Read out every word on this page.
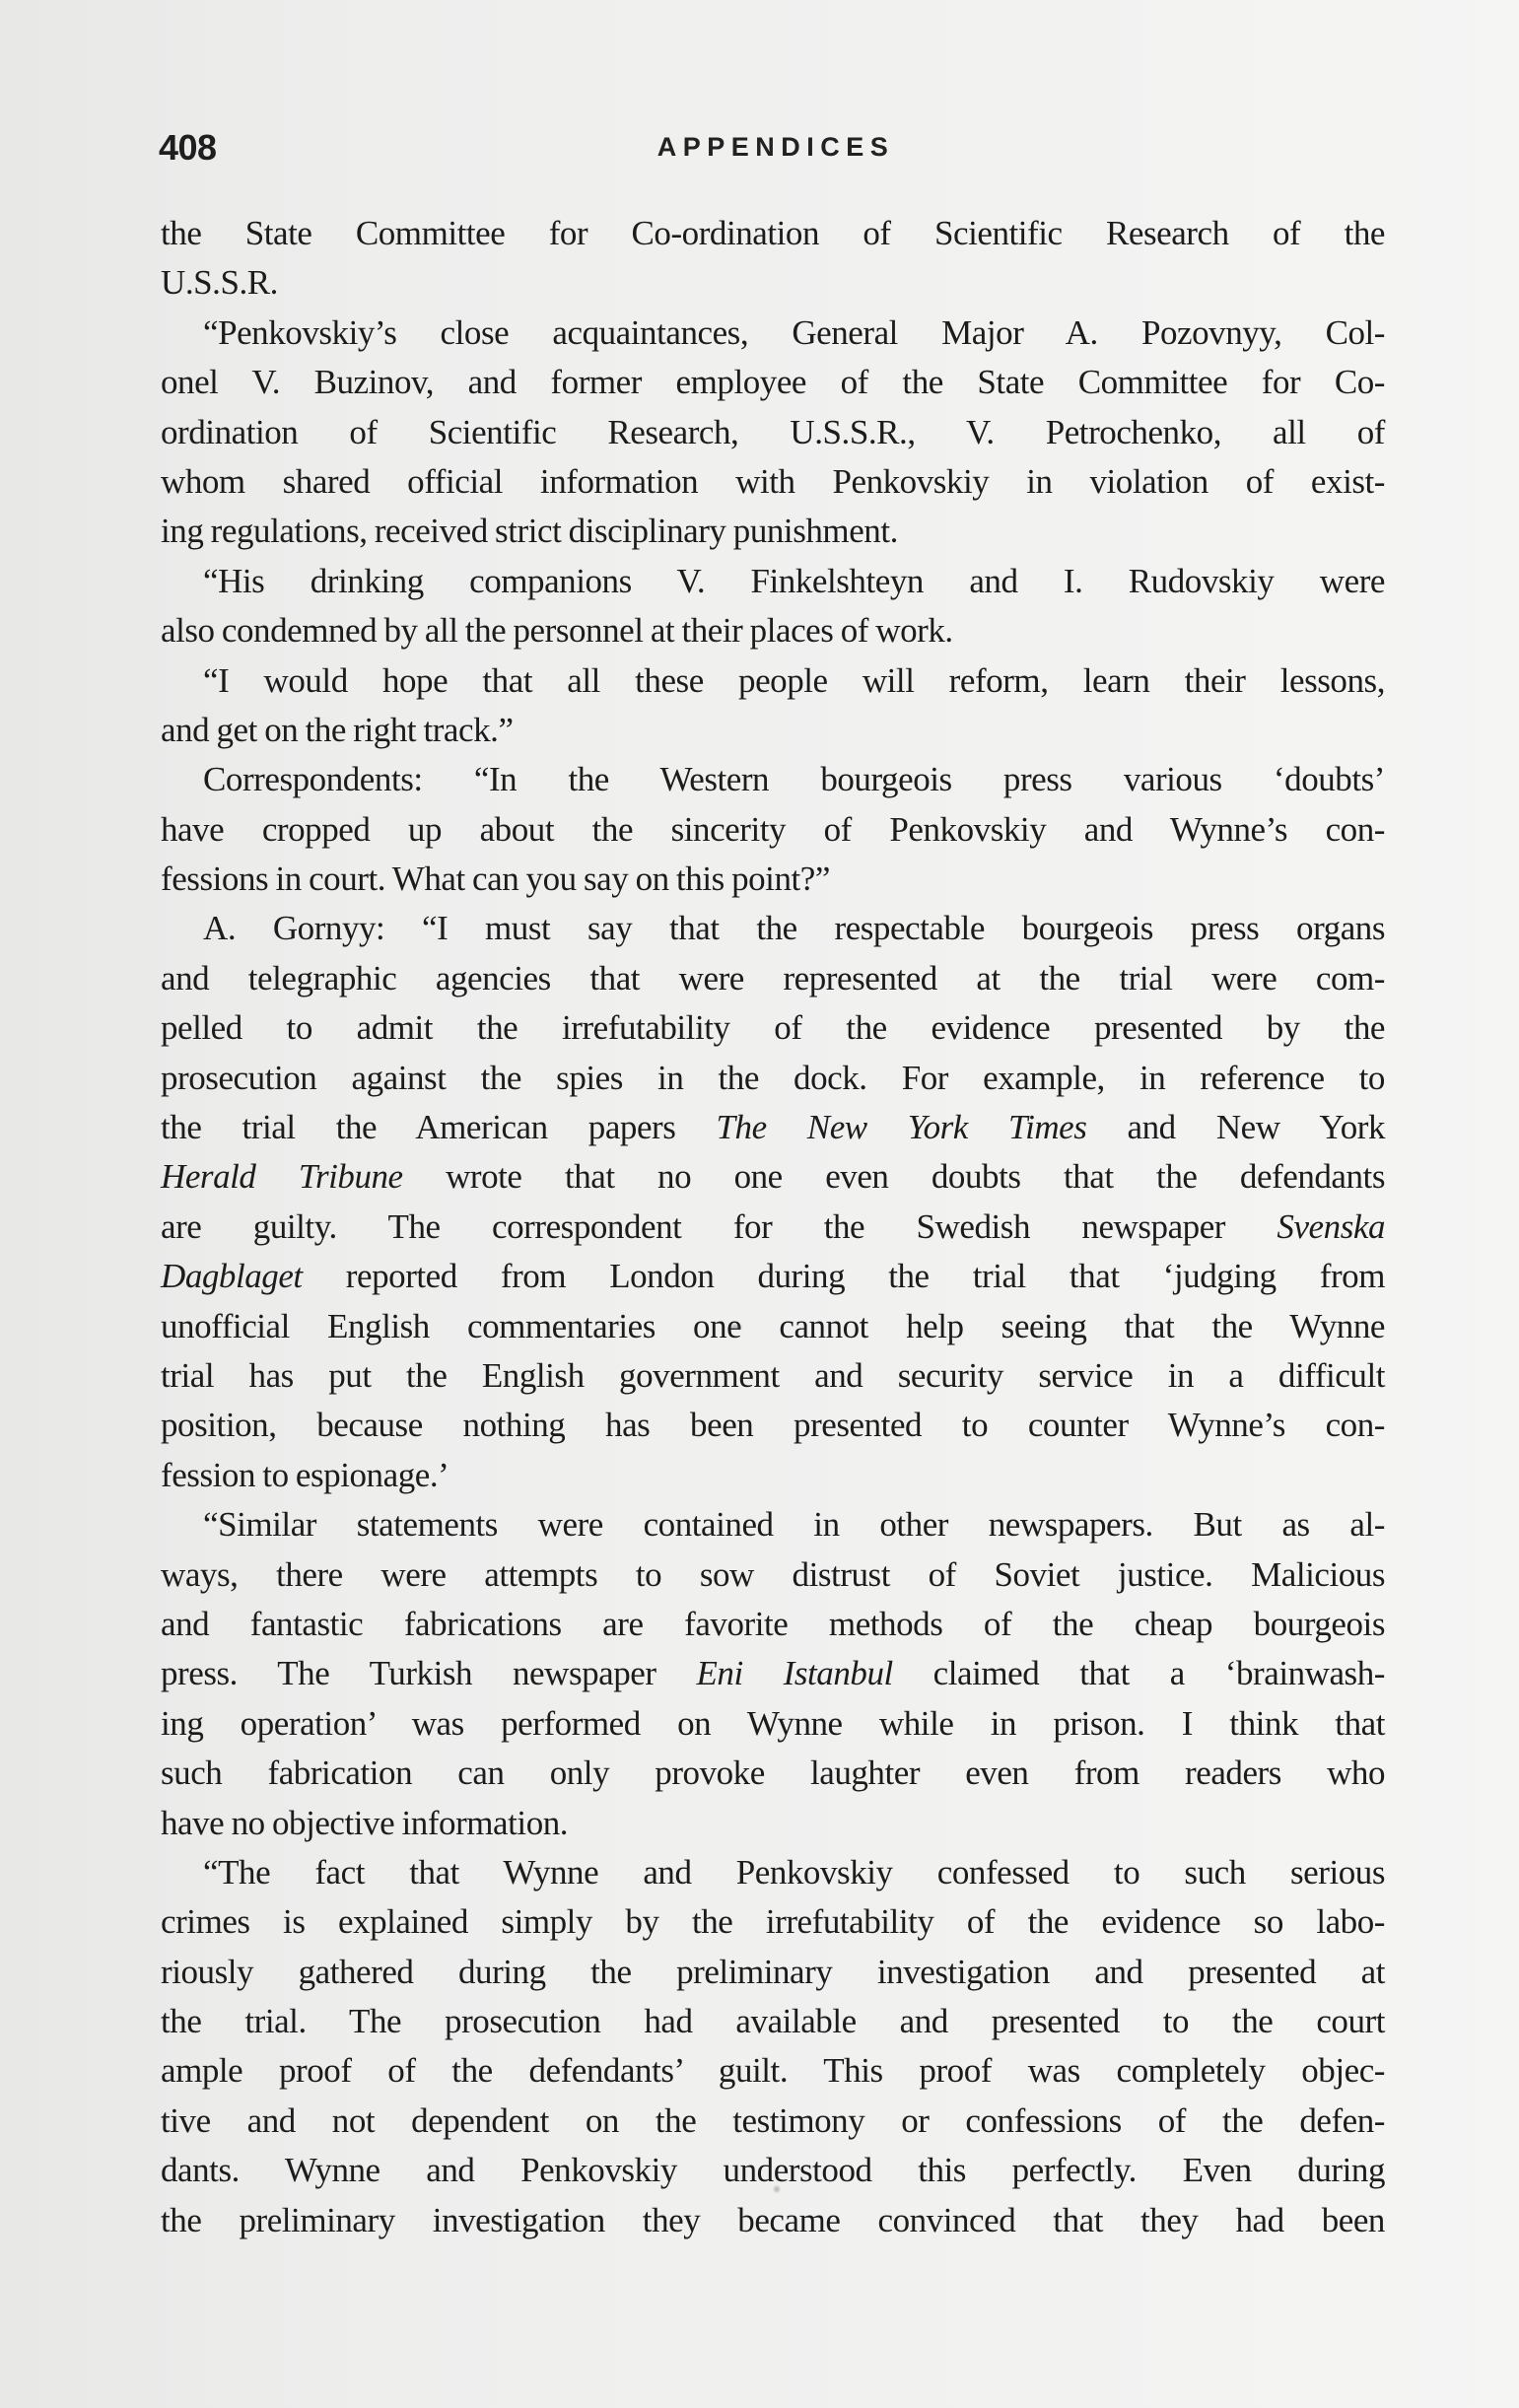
408	APPENDICES
the State Committee for Co-ordination of Scientific Research of the
U.S.S.R.
“Penkovskiy’s close acquaintances, General Major A. Pozovnyy, Col-
onel V. Buzinov, and former employee of the State Committee for Co-
ordination of Scientific Research, U.S.S.R., V. Petrochenko, all of
whom shared official information with Penkovskiy in violation of exist-
ing regulations, received strict disciplinary punishment.
“His drinking companions V. Finkelshteyn and I. Rudovskiy were
also condemned by all the personnel at their places of work.
“I would hope that all these people will reform, learn their lessons,
and get on the right track.”
Correspondents: “In the Western bourgeois press various ‘doubts’
have cropped up about the sincerity of Penkovskiy and Wynne’s con-
fessions in court. What can you say on this point?”
A. Gornyy: “I must say that the respectable bourgeois press organs
and telegraphic agencies that were represented at the trial were com-
pelled to admit the irrefutability of the evidence presented by the
prosecution against the spies in the dock. For example, in reference to
the trial the American papers The New York Times and New York
Herald Tribune wrote that no one even doubts that the defendants
are guilty. The correspondent for the Swedish newspaper Svenska
Dagblaget reported from London during the trial that ‘judging from
unofficial English commentaries one cannot help seeing that the Wynne
trial has put the English government and security service in a difficult
position, because nothing has been presented to counter Wynne’s con-
fession to espionage.’
“Similar statements were contained in other newspapers. But as al-
ways, there were attempts to sow distrust of Soviet justice. Malicious
and fantastic fabrications are favorite methods of the cheap bourgeois
press. The Turkish newspaper Eni Istanbul claimed that a ‘brainwash-
ing operation’ was performed on Wynne while in prison. I think that
such fabrication can only provoke laughter even from readers who
have no objective information.
“The fact that Wynne and Penkovskiy confessed to such serious
crimes is explained simply by the irrefutability of the evidence so labo-
riously gathered during the preliminary investigation and presented at
the trial. The prosecution had available and presented to the court
ample proof of the defendants’ guilt. This proof was completely objec-
tive and not dependent on the testimony or confessions of the defen-
dants. Wynne and Penkovskiy understood this perfectly. Even during
the preliminary investigation they became convinced that they had been
